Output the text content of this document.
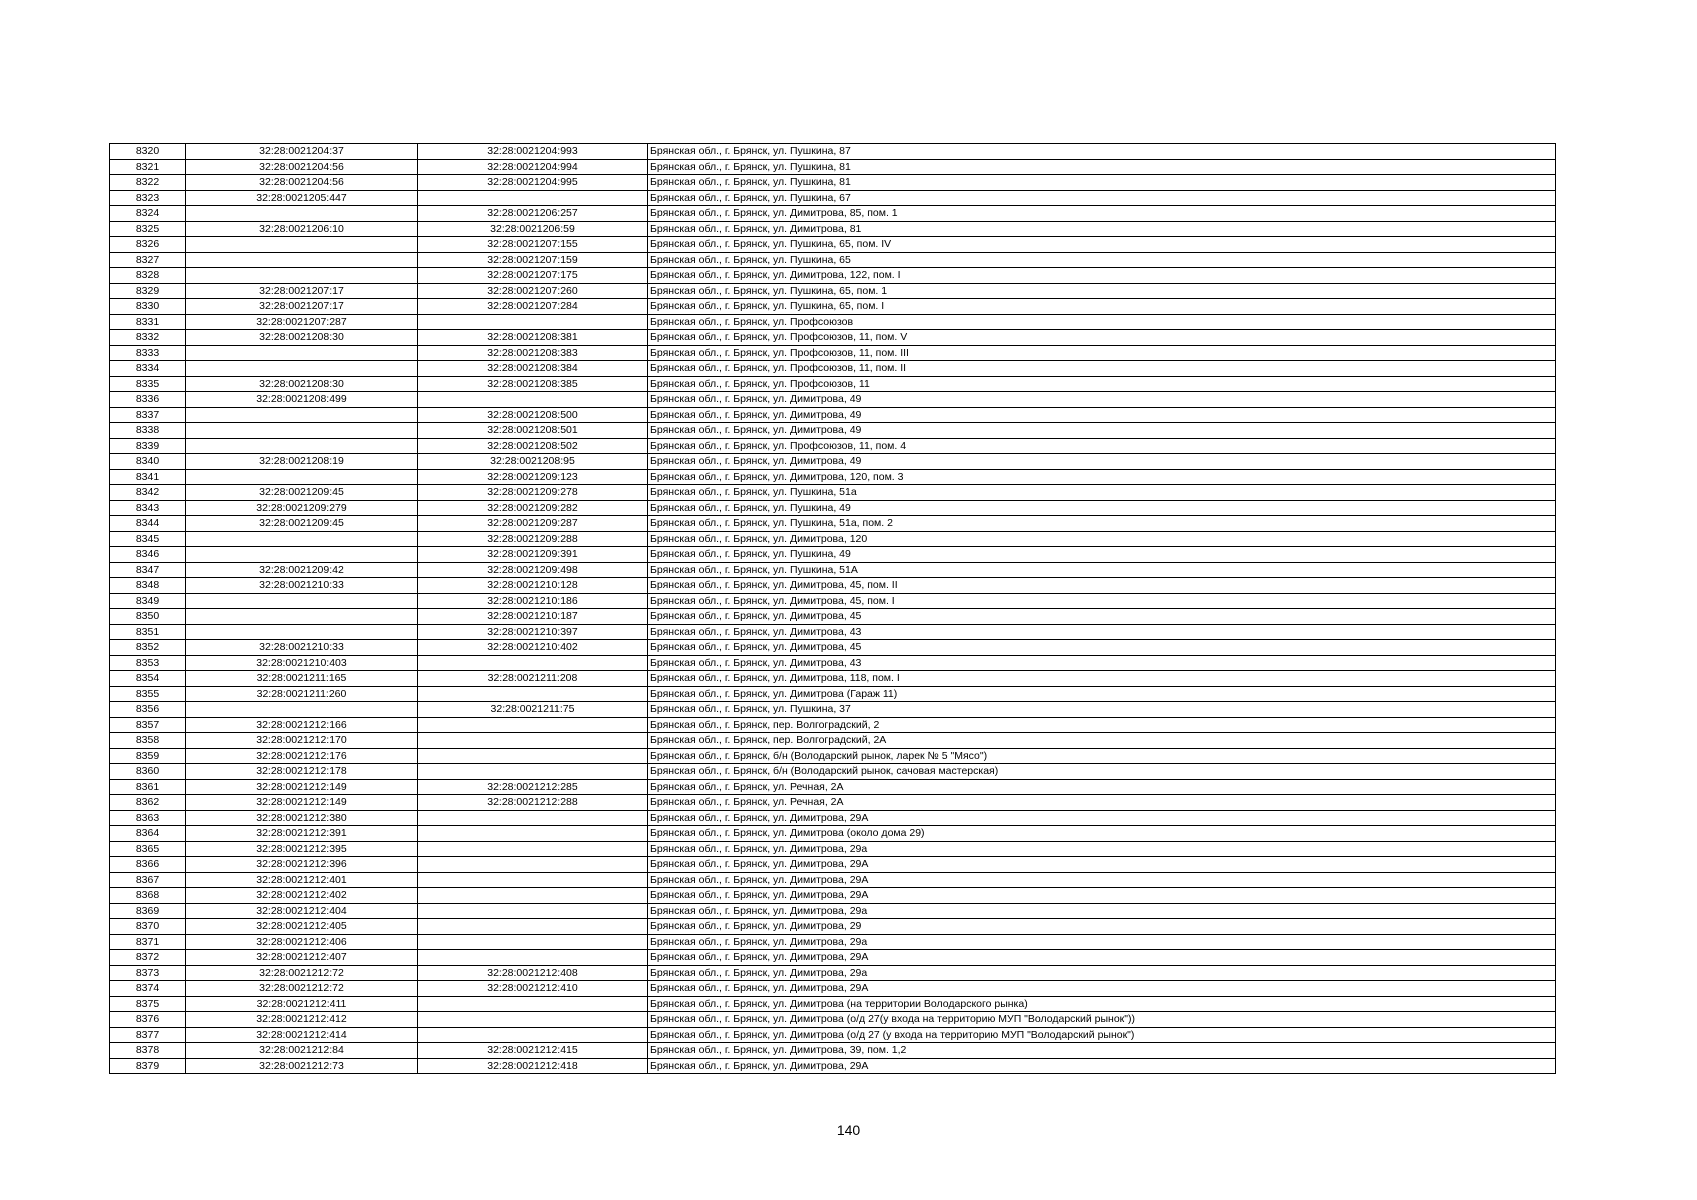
8320	32:28:0021204:37	32:28:0021204:993	Брянская обл., г. Брянск, ул. Пушкина, 87
8321	32:28:0021204:56	32:28:0021204:994	Брянская обл., г. Брянск, ул. Пушкина, 81
8322	32:28:0021204:56	32:28:0021204:995	Брянская обл., г. Брянск, ул. Пушкина, 81
8323	32:28:0021205:447		Брянская обл., г. Брянск, ул. Пушкина, 67
8324		32:28:0021206:257	Брянская обл., г. Брянск, ул. Димитрова, 85, пом. 1
8325	32:28:0021206:10	32:28:0021206:59	Брянская обл., г. Брянск, ул. Димитрова, 81
8326		32:28:0021207:155	Брянская обл., г. Брянск, ул. Пушкина, 65, пом. IV
8327		32:28:0021207:159	Брянская обл., г. Брянск, ул. Пушкина, 65
8328		32:28:0021207:175	Брянская обл., г. Брянск, ул. Димитрова, 122, пом. I
8329	32:28:0021207:17	32:28:0021207:260	Брянская обл., г. Брянск, ул. Пушкина, 65, пом. 1
8330	32:28:0021207:17	32:28:0021207:284	Брянская обл., г. Брянск, ул. Пушкина, 65, пом. I
8331	32:28:0021207:287		Брянская обл., г. Брянск, ул. Профсоюзов
8332	32:28:0021208:30	32:28:0021208:381	Брянская обл., г. Брянск, ул. Профсоюзов, 11, пом. V
8333		32:28:0021208:383	Брянская обл., г. Брянск, ул. Профсоюзов, 11, пом. III
8334		32:28:0021208:384	Брянская обл., г. Брянск, ул. Профсоюзов, 11, пом. II
8335	32:28:0021208:30	32:28:0021208:385	Брянская обл., г. Брянск, ул. Профсоюзов, 11
8336	32:28:0021208:499		Брянская обл., г. Брянск, ул. Димитрова, 49
8337		32:28:0021208:500	Брянская обл., г. Брянск, ул. Димитрова, 49
8338		32:28:0021208:501	Брянская обл., г. Брянск, ул. Димитрова, 49
8339		32:28:0021208:502	Брянская обл., г. Брянск, ул. Профсоюзов, 11, пом. 4
8340	32:28:0021208:19	32:28:0021208:95	Брянская обл., г. Брянск, ул. Димитрова, 49
8341		32:28:0021209:123	Брянская обл., г. Брянск, ул. Димитрова, 120, пом. 3
8342	32:28:0021209:45	32:28:0021209:278	Брянская обл., г. Брянск, ул. Пушкина, 51а
8343	32:28:0021209:279	32:28:0021209:282	Брянская обл., г. Брянск, ул. Пушкина, 49
8344	32:28:0021209:45	32:28:0021209:287	Брянская обл., г. Брянск, ул. Пушкина, 51а, пом. 2
8345		32:28:0021209:288	Брянская обл., г. Брянск, ул. Димитрова, 120
8346		32:28:0021209:391	Брянская обл., г. Брянск, ул. Пушкина, 49
8347	32:28:0021209:42	32:28:0021209:498	Брянская обл., г. Брянск, ул. Пушкина, 51А
8348	32:28:0021210:33	32:28:0021210:128	Брянская обл., г. Брянск, ул. Димитрова, 45, пом. II
8349		32:28:0021210:186	Брянская обл., г. Брянск, ул. Димитрова, 45, пом. I
8350		32:28:0021210:187	Брянская обл., г. Брянск, ул. Димитрова, 45
8351		32:28:0021210:397	Брянская обл., г. Брянск, ул. Димитрова, 43
8352	32:28:0021210:33	32:28:0021210:402	Брянская обл., г. Брянск, ул. Димитрова, 45
8353	32:28:0021210:403		Брянская обл., г. Брянск, ул. Димитрова, 43
8354	32:28:0021211:165	32:28:0021211:208	Брянская обл., г. Брянск, ул. Димитрова, 118, пом. I
8355	32:28:0021211:260		Брянская обл., г. Брянск, ул. Димитрова (Гараж 11)
8356		32:28:0021211:75	Брянская обл., г. Брянск, ул. Пушкина, 37
8357	32:28:0021212:166		Брянская обл., г. Брянск, пер. Волгоградский, 2
8358	32:28:0021212:170		Брянская обл., г. Брянск, пер. Волгоградский, 2А
8359	32:28:0021212:176		Брянская обл., г. Брянск, б/н (Володарский рынок, ларек № 5 "Мясо")
8360	32:28:0021212:178		Брянская обл., г. Брянск, б/н (Володарский рынок, сачовая мастерская)
8361	32:28:0021212:149	32:28:0021212:285	Брянская обл., г. Брянск, ул. Речная, 2А
8362	32:28:0021212:149	32:28:0021212:288	Брянская обл., г. Брянск, ул. Речная, 2А
8363	32:28:0021212:380		Брянская обл., г. Брянск, ул. Димитрова, 29А
8364	32:28:0021212:391		Брянская обл., г. Брянск, ул. Димитрова (около дома 29)
8365	32:28:0021212:395		Брянская обл., г. Брянск, ул. Димитрова, 29а
8366	32:28:0021212:396		Брянская обл., г. Брянск, ул. Димитрова, 29А
8367	32:28:0021212:401		Брянская обл., г. Брянск, ул. Димитрова, 29А
8368	32:28:0021212:402		Брянская обл., г. Брянск, ул. Димитрова, 29А
8369	32:28:0021212:404		Брянская обл., г. Брянск, ул. Димитрова, 29а
8370	32:28:0021212:405		Брянская обл., г. Брянск, ул. Димитрова, 29
8371	32:28:0021212:406		Брянская обл., г. Брянск, ул. Димитрова, 29а
8372	32:28:0021212:407		Брянская обл., г. Брянск, ул. Димитрова, 29А
8373	32:28:0021212:72	32:28:0021212:408	Брянская обл., г. Брянск, ул. Димитрова, 29а
8374	32:28:0021212:72	32:28:0021212:410	Брянская обл., г. Брянск, ул. Димитрова, 29А
8375	32:28:0021212:411		Брянская обл., г. Брянск, ул. Димитрова (на территории Володарского рынка)
8376	32:28:0021212:412		Брянская обл., г. Брянск, ул. Димитрова (о/д 27(у входа на территорию МУП "Володарский рынок"))
8377	32:28:0021212:414		Брянская обл., г. Брянск, ул. Димитрова (о/д 27 (у входа на территорию МУП "Володарский рынок")
8378	32:28:0021212:84	32:28:0021212:415	Брянская обл., г. Брянск, ул. Димитрова, 39, пом. 1,2
8379	32:28:0021212:73	32:28:0021212:418	Брянская обл., г. Брянск, ул. Димитрова, 29А
140
